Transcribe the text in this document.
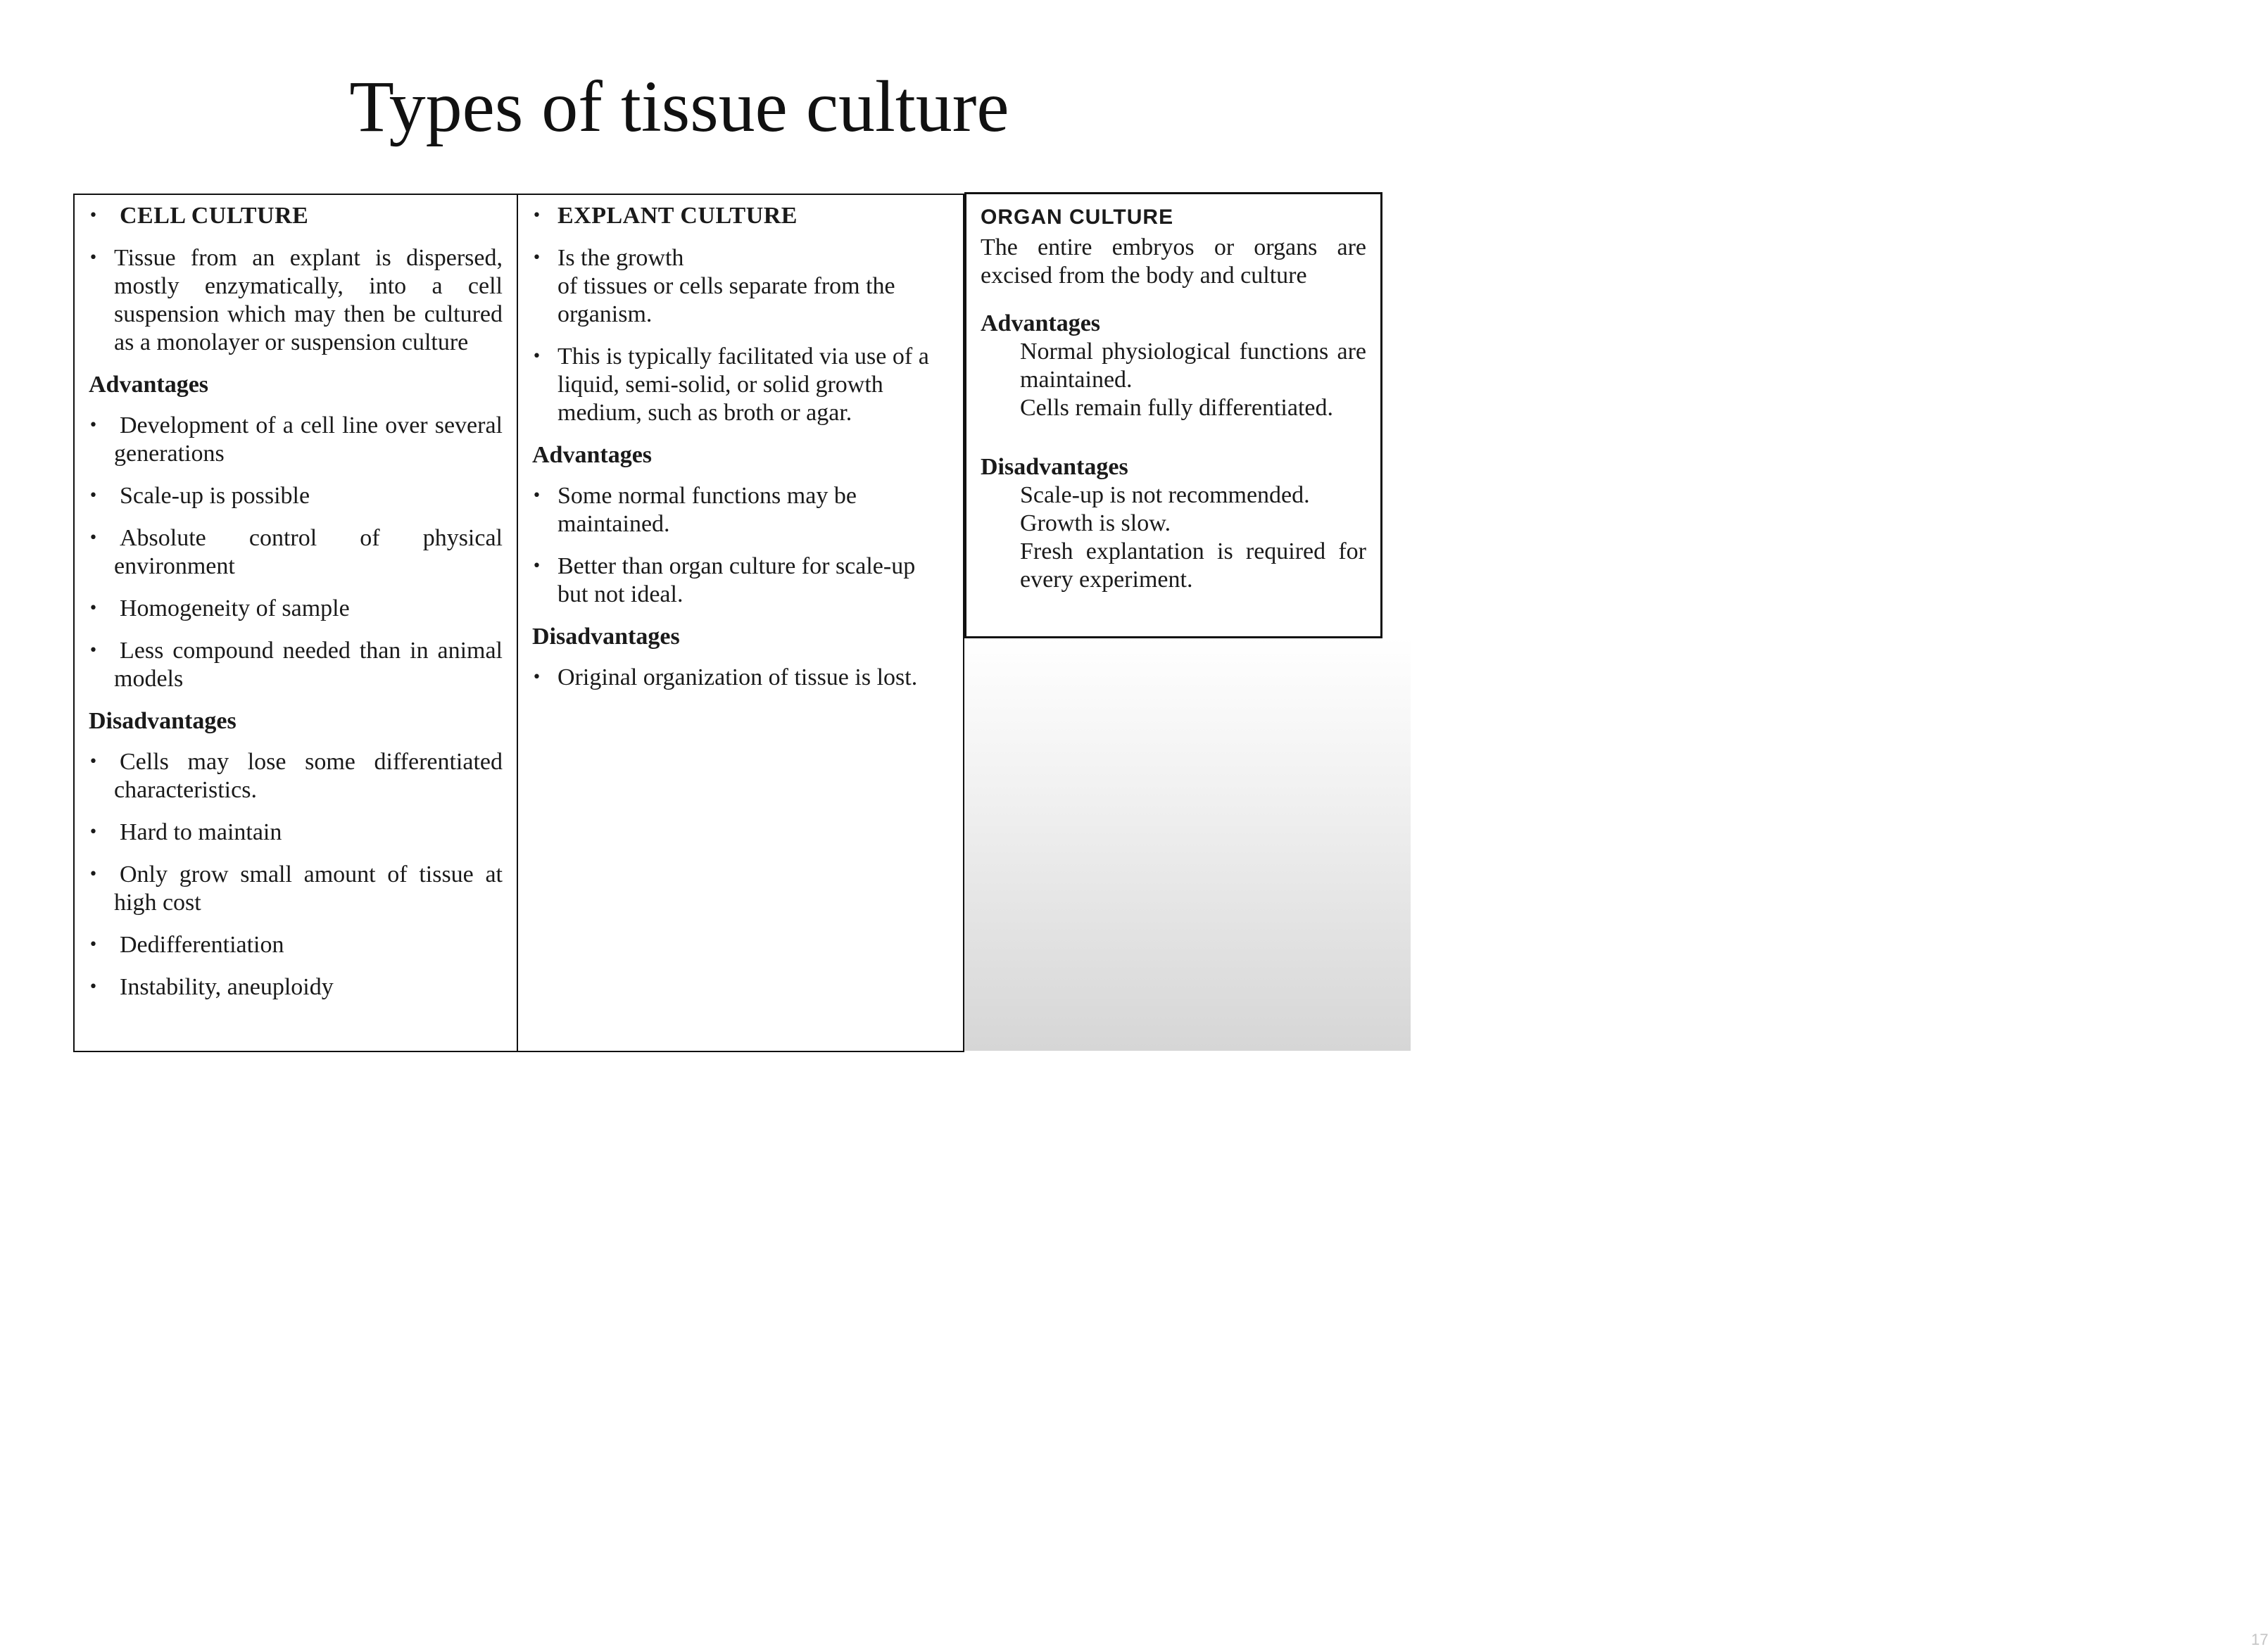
Types of tissue culture
17
• CELL CULTURE
• Tissue from an explant is dispersed, mostly enzymatically, into a cell suspension which may then be cultured as a monolayer or suspension culture
Advantages
• Development of a cell line over several generations
• Scale-up is possible
• Absolute control of physical environment
• Homogeneity of sample
• Less compound needed than in animal models
Disadvantages
• Cells may lose some differentiated characteristics.
• Hard to maintain
• Only grow small amount of tissue at high cost
• Dedifferentiation
• Instability, aneuploidy
• EXPLANT CULTURE
• Is the growth
of tissues or cells separate from the organism.
• This is typically facilitated via use of a liquid, semi-solid, or solid growth medium, such as broth or agar.
Advantages
• Some normal functions may be maintained.
• Better than organ culture for scale-up but not ideal.
Disadvantages
• Original organization of tissue is lost.
ORGAN CULTURE
The entire embryos or organs are excised from the body and culture
Advantages
Normal physiological functions are maintained.
Cells remain fully differentiated.
Disadvantages
Scale-up is not recommended.
Growth is slow.
Fresh explantation is required for every experiment.
